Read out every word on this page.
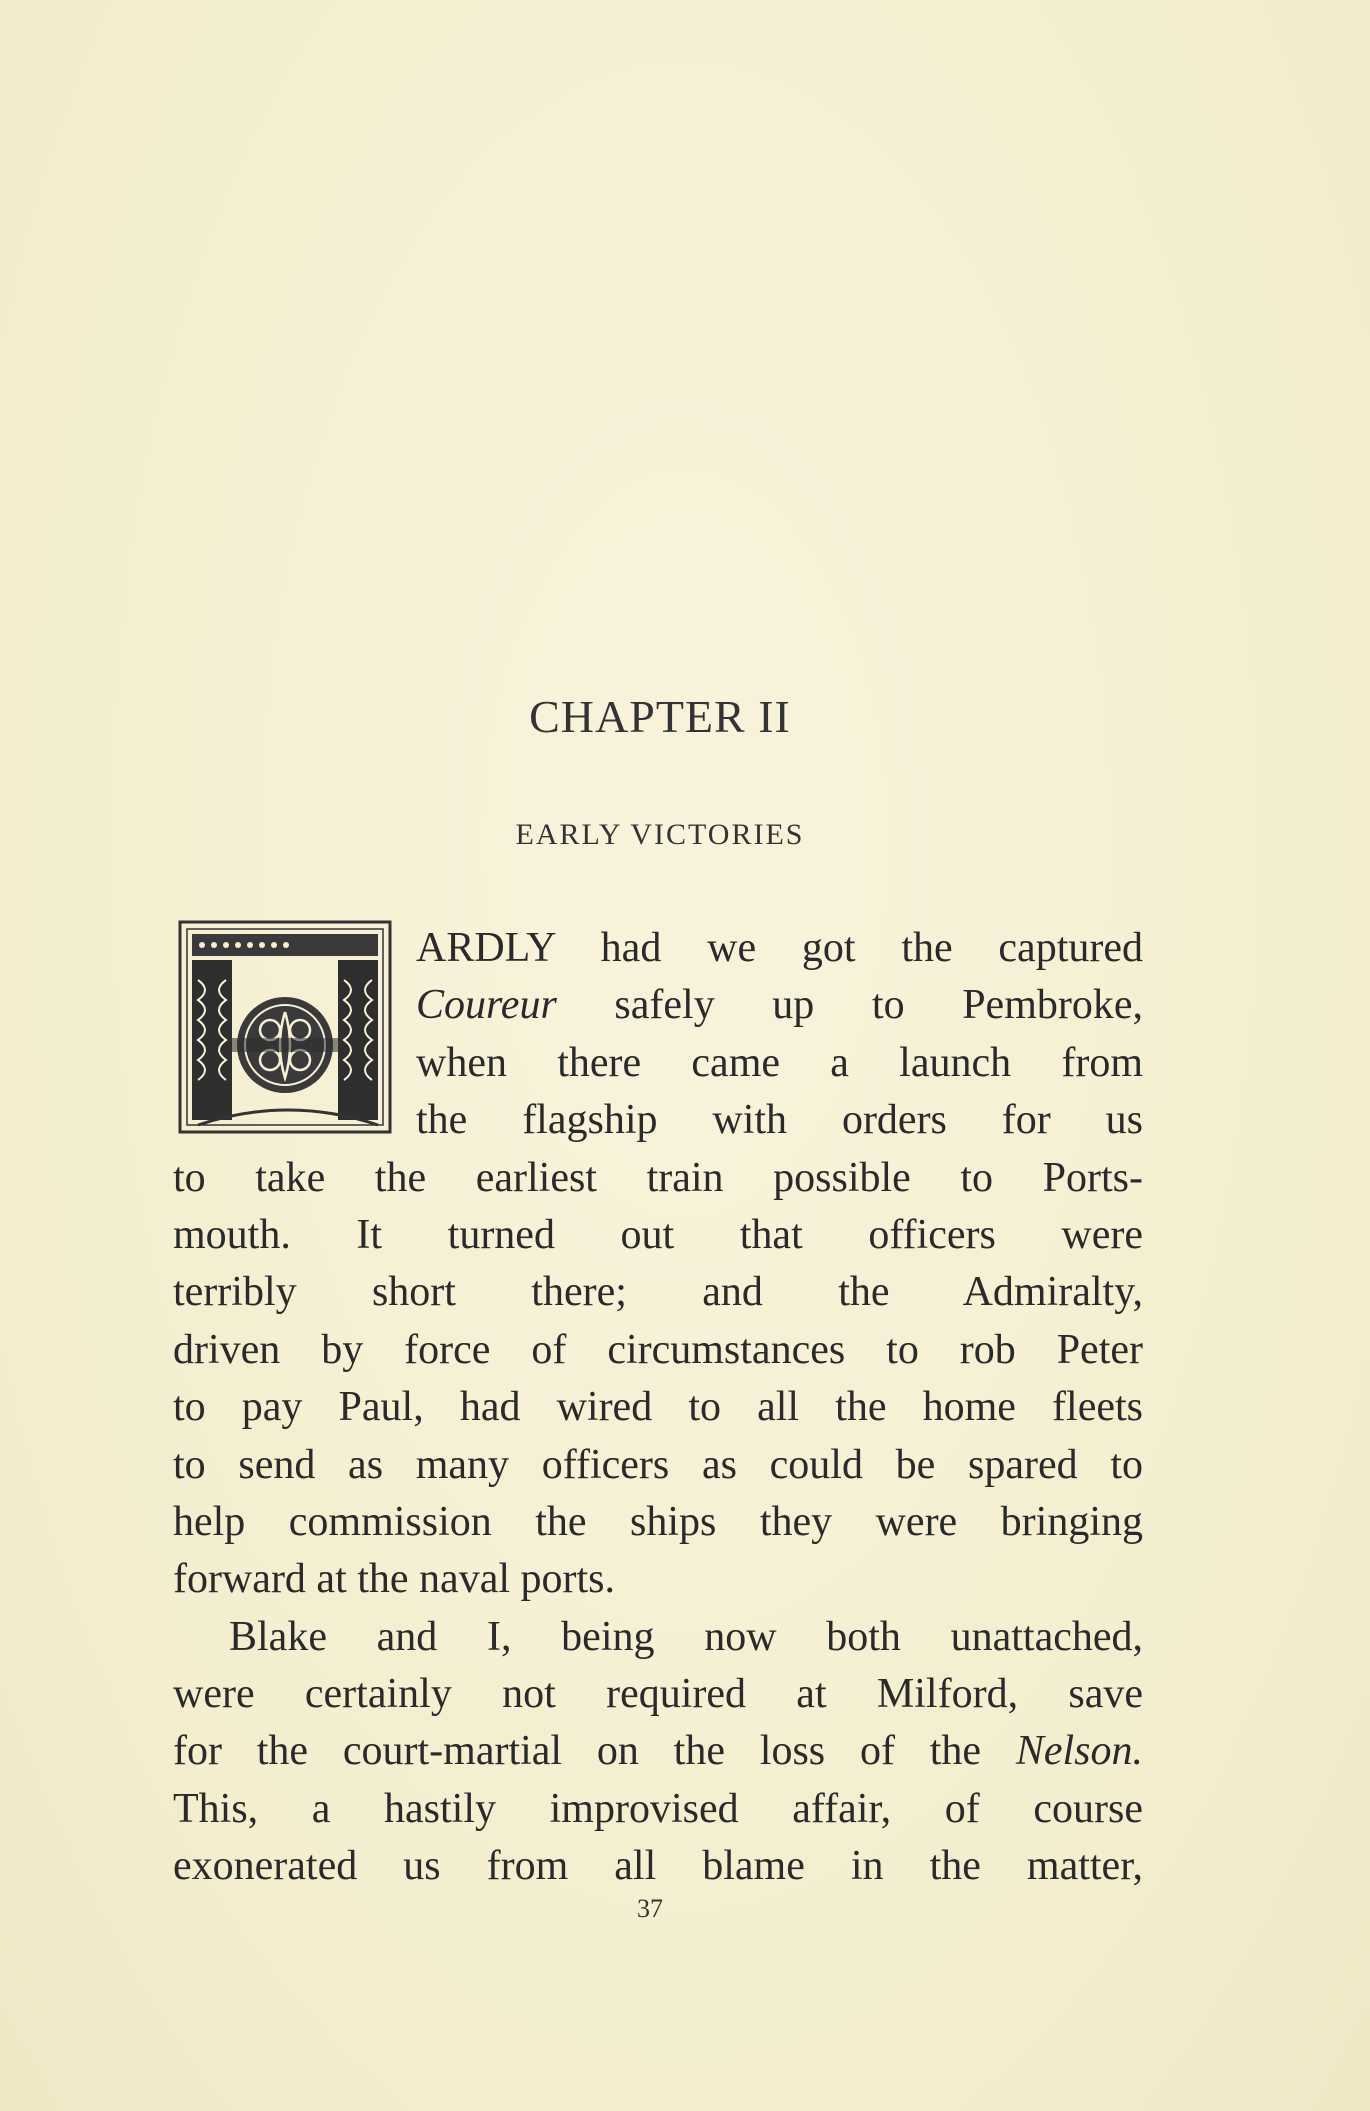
CHAPTER II
EARLY VICTORIES
ARDLY had we got the captured
Coureur safely up to Pembroke,
when there came a launch from
the flagship with orders for us
to take the earliest train possible to Ports-
mouth. It turned out that officers were
terribly short there; and the Admiralty,
driven by force of circumstances to rob Peter
to pay Paul, had wired to all the home fleets
to send as many officers as could be spared to
help commission the ships they were bringing
forward at the naval ports.
Blake and I, being now both unattached,
were certainly not required at Milford, save
for the court-martial on the loss of the Nelson.
This, a hastily improvised affair, of course
exonerated us from all blame in the matter,
37
